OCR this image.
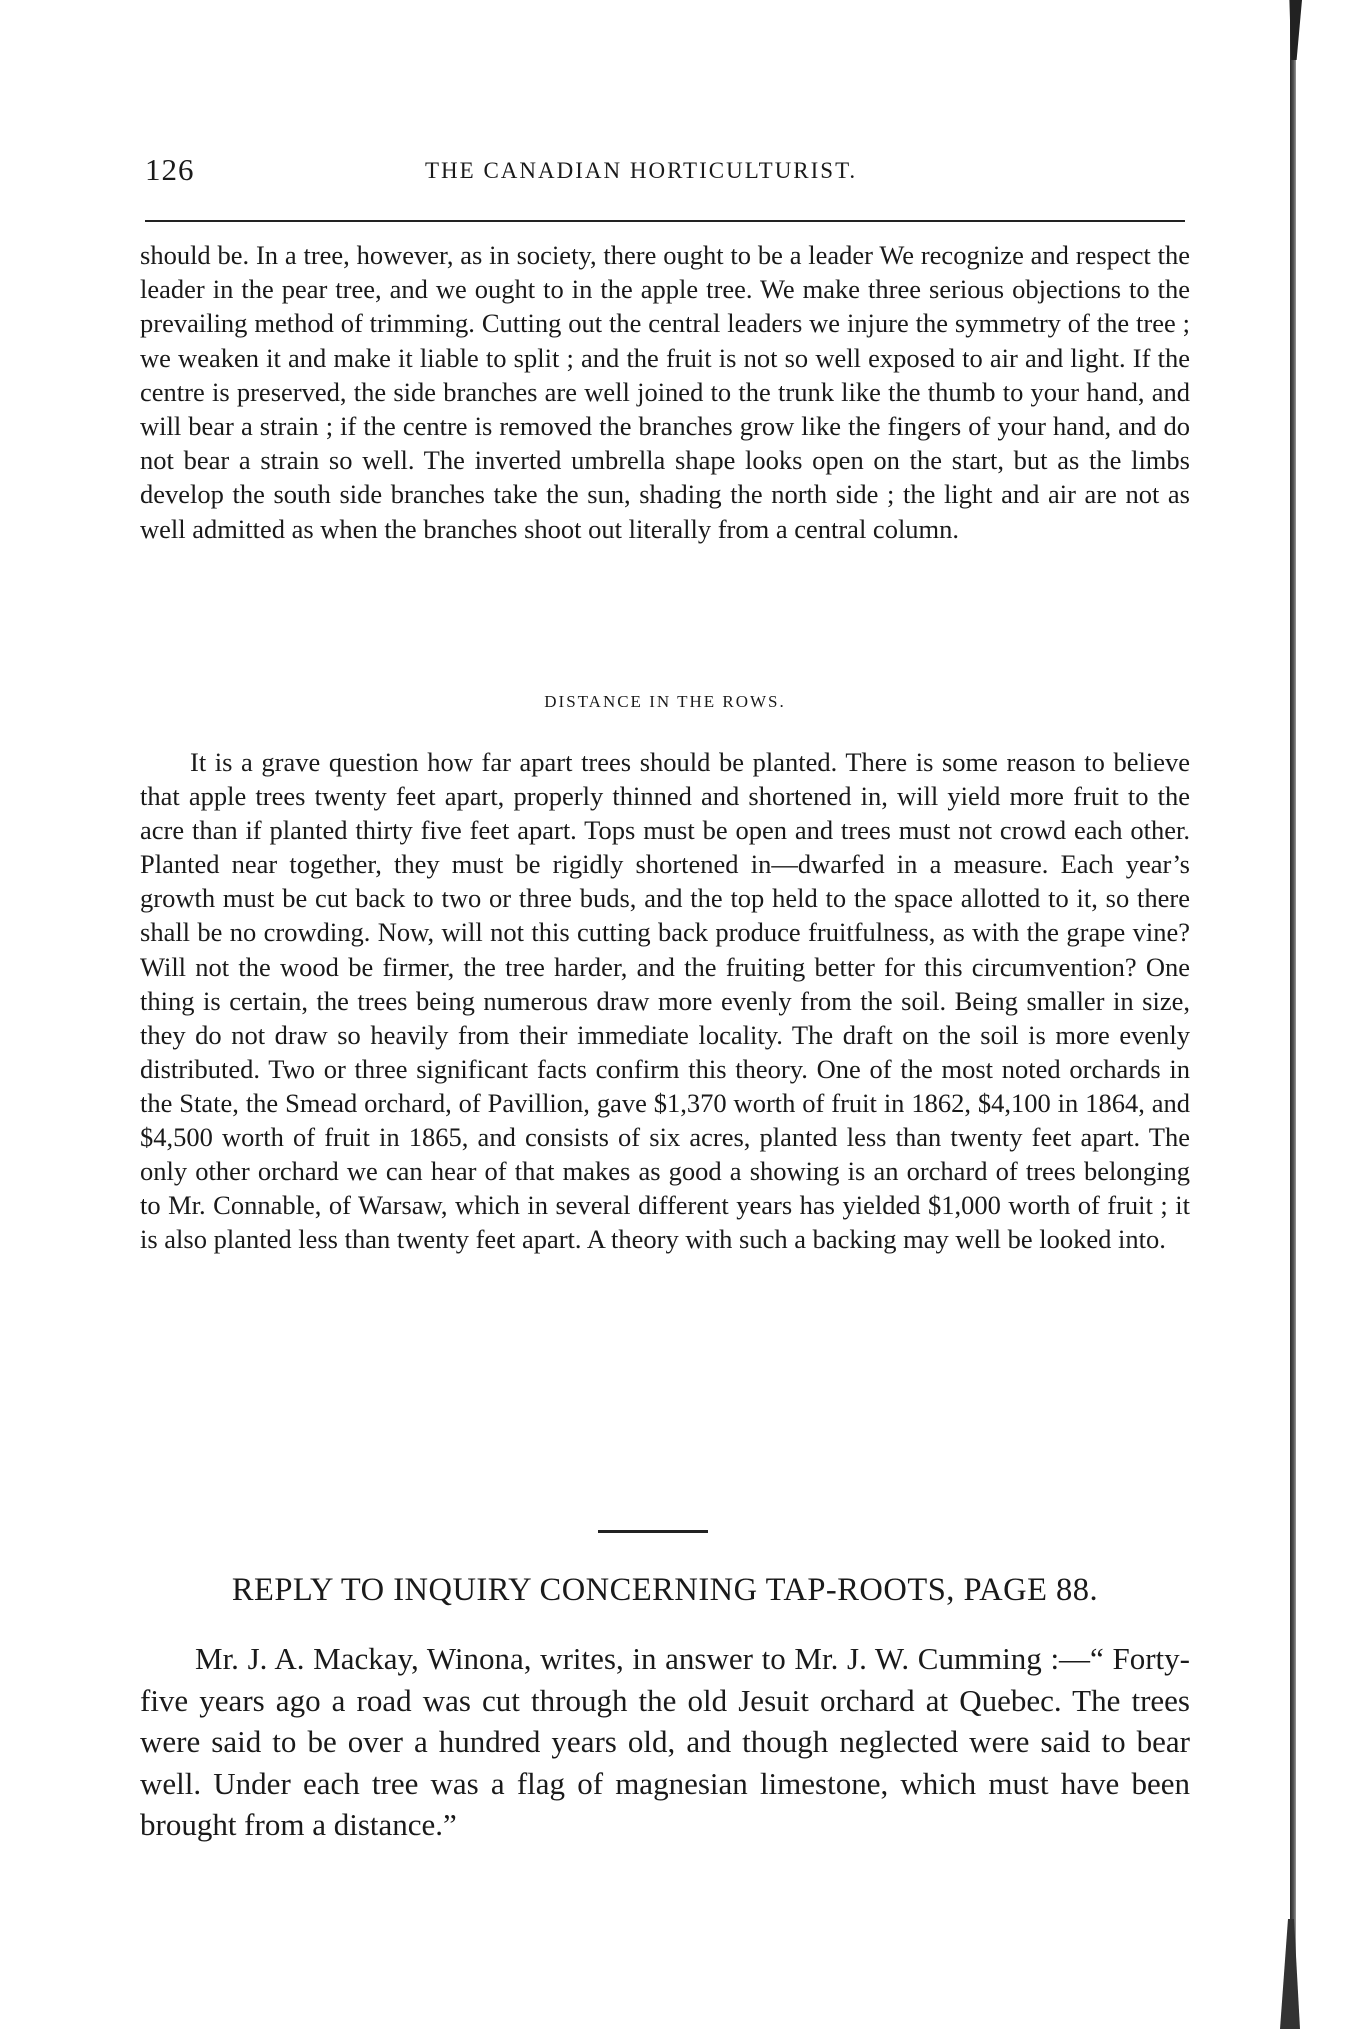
126	THE CANADIAN HORTICULTURIST.

should be. In a tree, however, as in society, there ought to be a leader We recognize and respect the leader in the pear tree, and we ought to in the apple tree. We make three serious objections to the prevailing method of trimming. Cutting out the central leaders we injure the symmetry of the tree ; we weaken it and make it liable to split ; and the fruit is not so well exposed to air and light. If the centre is preserved, the side branches are well joined to the trunk like the thumb to your hand, and will bear a strain ; if the centre is removed the branches grow like the fingers of your hand, and do not bear a strain so well. The inverted umbrella shape looks open on the start, but as the limbs develop the south side branches take the sun, shading the north side ; the light and air are not as well admitted as when the branches shoot out literally from a central column.

DISTANCE IN THE ROWS.

It is a grave question how far apart trees should be planted. There is some reason to believe that apple trees twenty feet apart, properly thinned and shortened in, will yield more fruit to the acre than if planted thirty five feet apart. Tops must be open and trees must not crowd each other. Planted near together, they must be rigidly shortened in—dwarfed in a measure. Each year’s growth must be cut back to two or three buds, and the top held to the space allotted to it, so there shall be no crowding. Now, will not this cutting back produce fruitfulness, as with the grape vine? Will not the wood be firmer, the tree harder, and the fruiting better for this circumvention? One thing is certain, the trees being numerous draw more evenly from the soil. Being smaller in size, they do not draw so heavily from their immediate locality. The draft on the soil is more evenly distributed. Two or three significant facts confirm this theory. One of the most noted orchards in the State, the Smead orchard, of Pavillion, gave $1,370 worth of fruit in 1862, $4,100 in 1864, and $4,500 worth of fruit in 1865, and consists of six acres, planted less than twenty feet apart. The only other orchard we can hear of that makes as good a showing is an orchard of trees belonging to Mr. Connable, of Warsaw, which in several different years has yielded $1,000 worth of fruit ; it is also planted less than twenty feet apart. A theory with such a backing may well be looked into.

REPLY TO INQUIRY CONCERNING TAP-ROOTS, PAGE 88.

Mr. J. A. Mackay, Winona, writes, in answer to Mr. J. W. Cumming :—“ Forty-five years ago a road was cut through the old Jesuit orchard at Quebec. The trees were said to be over a hundred years old, and though neglected were said to bear well. Under each tree was a flag of magnesian limestone, which must have been brought from a distance.”
